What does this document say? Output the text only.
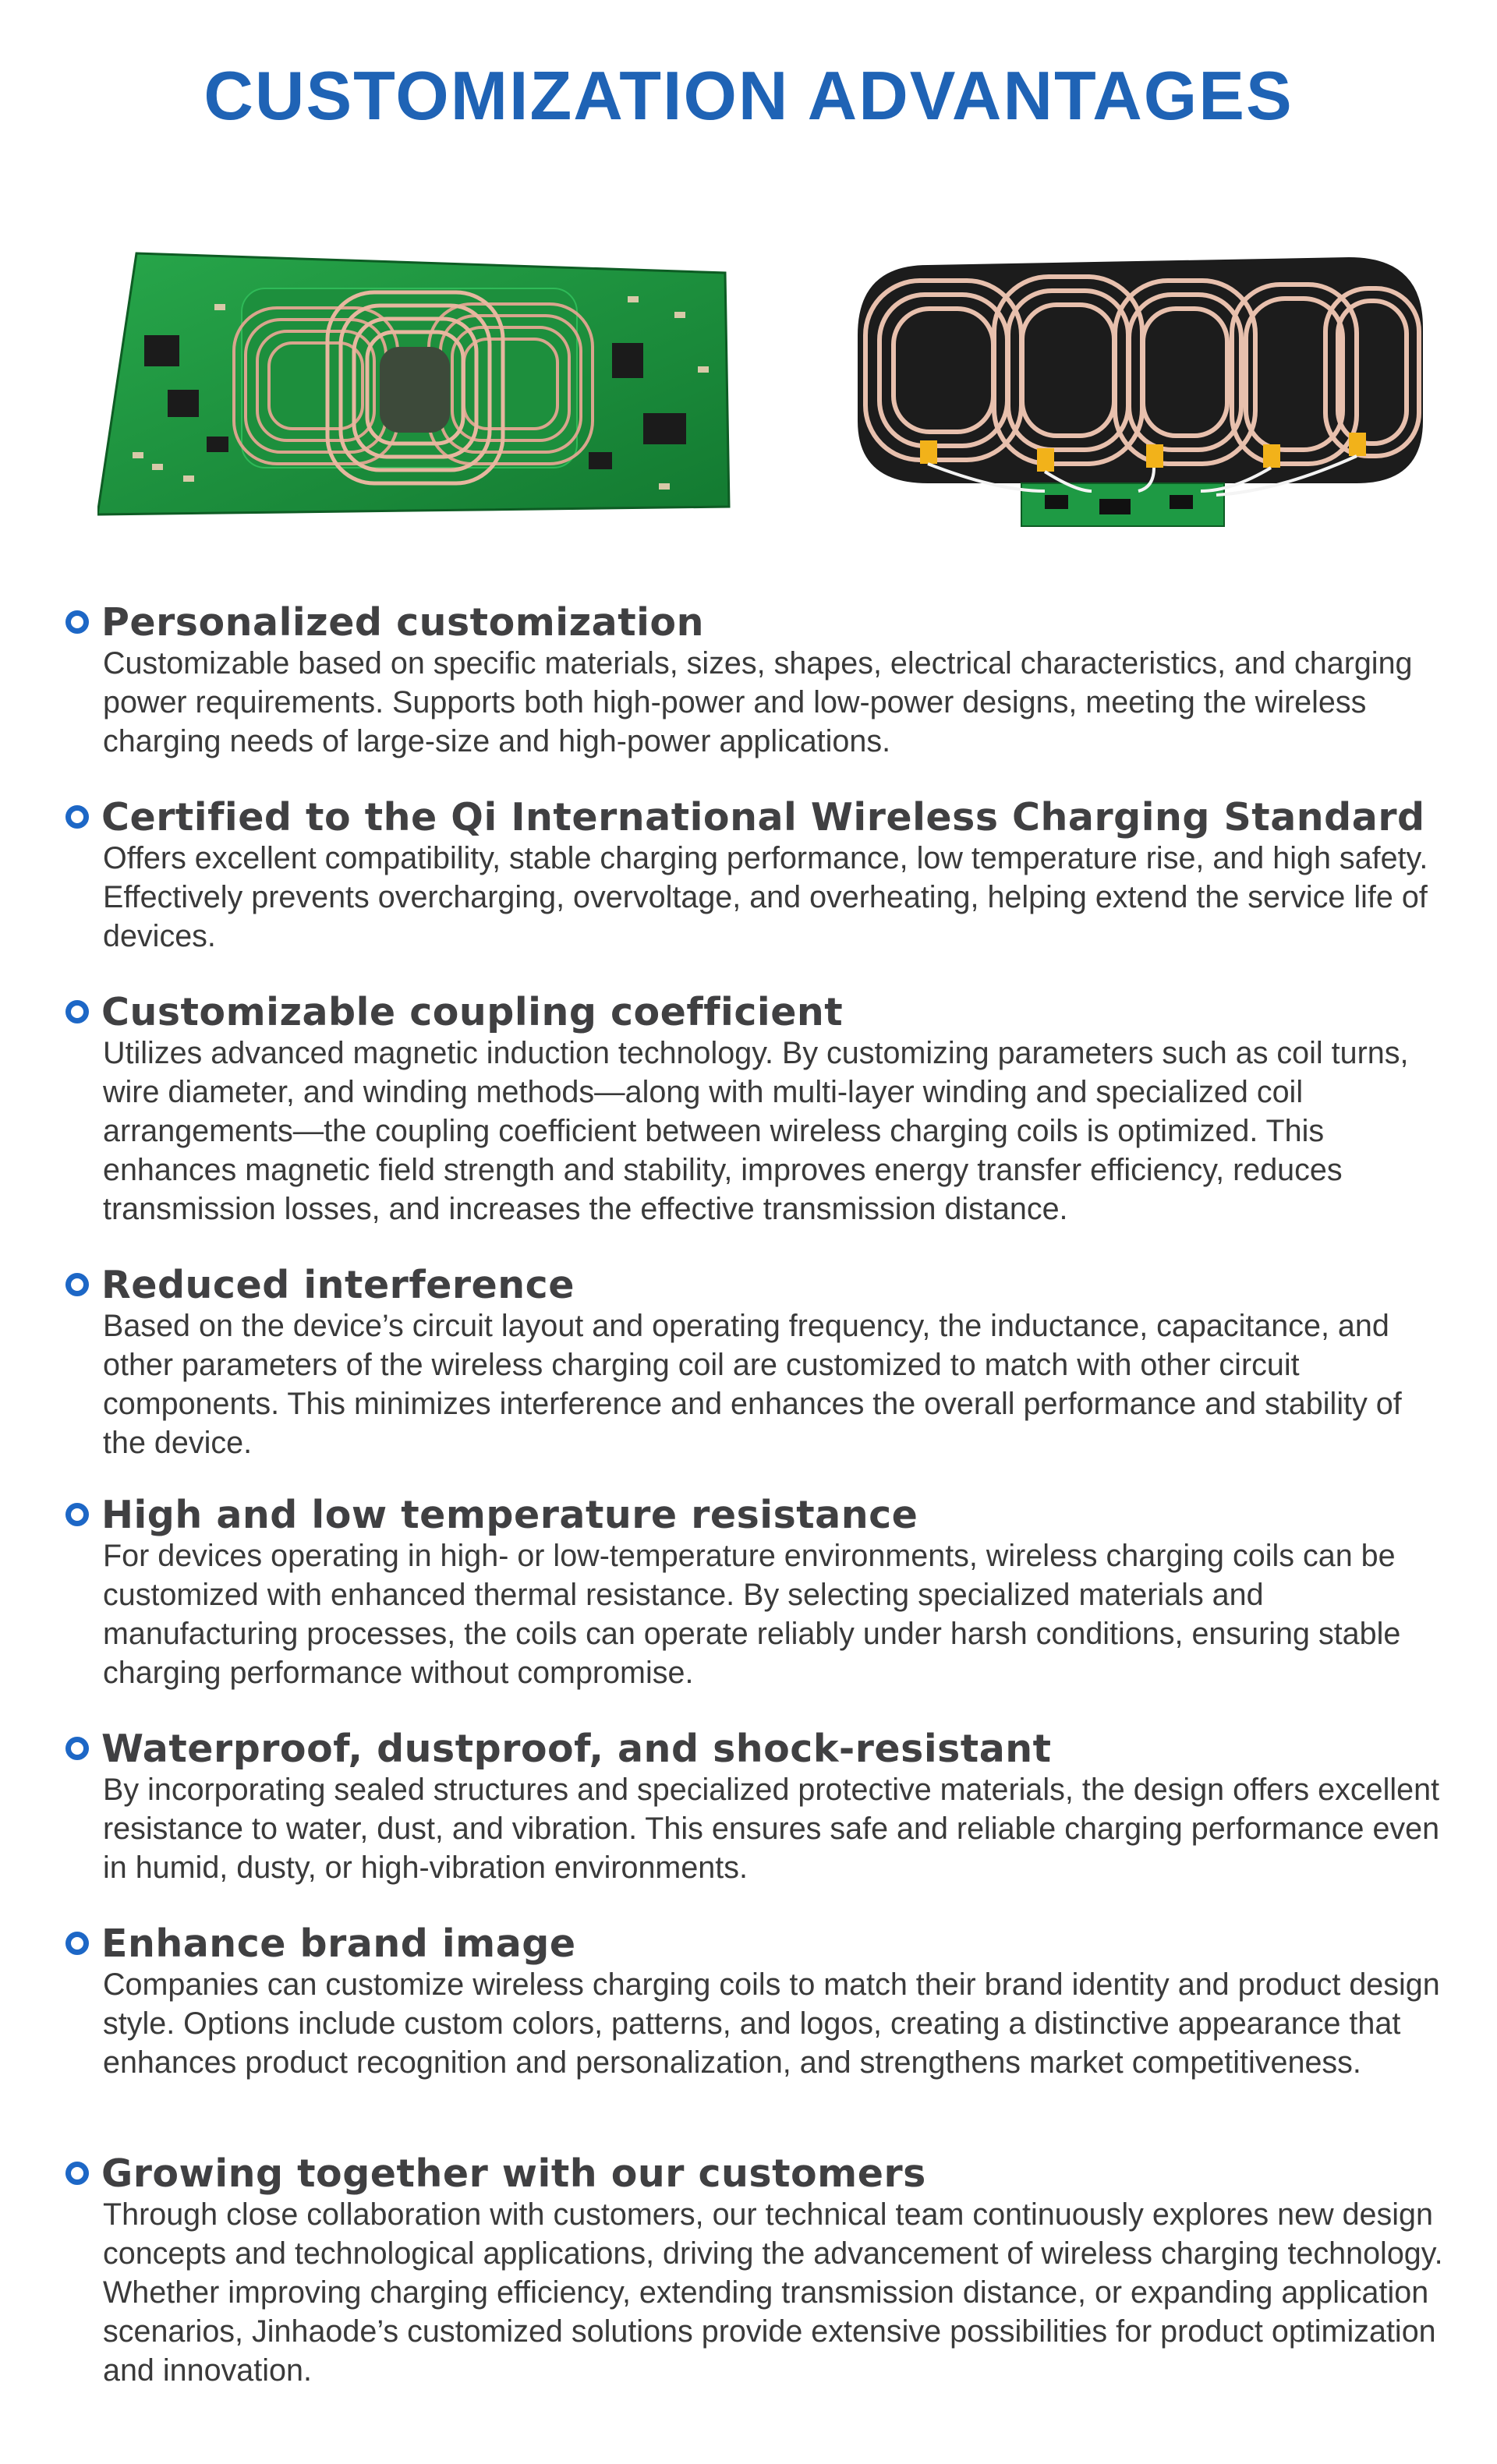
CUSTOMIZATION ADVANTAGES
Personalized customization
Customizable based on specific materials, sizes, shapes, electrical characteristics, and charging power requirements. Supports both high-power and low-power designs, meeting the wireless charging needs of large-size and high-power applications.
Certified to the Qi International Wireless Charging Standard
Offers excellent compatibility, stable charging performance, low temperature rise, and high safety. Effectively prevents overcharging, overvoltage, and overheating, helping extend the service life of devices.
Customizable coupling coefficient
Utilizes advanced magnetic induction technology. By customizing parameters such as coil turns, wire diameter, and winding methods—along with multi-layer winding and specialized coil arrangements—the coupling coefficient between wireless charging coils is optimized. This enhances magnetic field strength and stability, improves energy transfer efficiency, reduces transmission losses, and increases the effective transmission distance.
Reduced interference
Based on the device’s circuit layout and operating frequency, the inductance, capacitance, and other parameters of the wireless charging coil are customized to match with other circuit components. This minimizes interference and enhances the overall performance and stability of the device.
High and low temperature resistance
For devices operating in high- or low-temperature environments, wireless charging coils can be customized with enhanced thermal resistance. By selecting specialized materials and manufacturing processes, the coils can operate reliably under harsh conditions, ensuring stable charging performance without compromise.
Waterproof, dustproof, and shock-resistant
By incorporating sealed structures and specialized protective materials, the design offers excellent resistance to water, dust, and vibration. This ensures safe and reliable charging performance even in humid, dusty, or high-vibration environments.
Enhance brand image
Companies can customize wireless charging coils to match their brand identity and product design style. Options include custom colors, patterns, and logos, creating a distinctive appearance that enhances product recognition and personalization, and strengthens market competitiveness.
Growing together with our customers
Through close collaboration with customers, our technical team continuously explores new design concepts and technological applications, driving the advancement of wireless charging technology. Whether improving charging efficiency, extending transmission distance, or expanding application scenarios, Jinhaode’s customized solutions provide extensive possibilities for product optimization and innovation.
